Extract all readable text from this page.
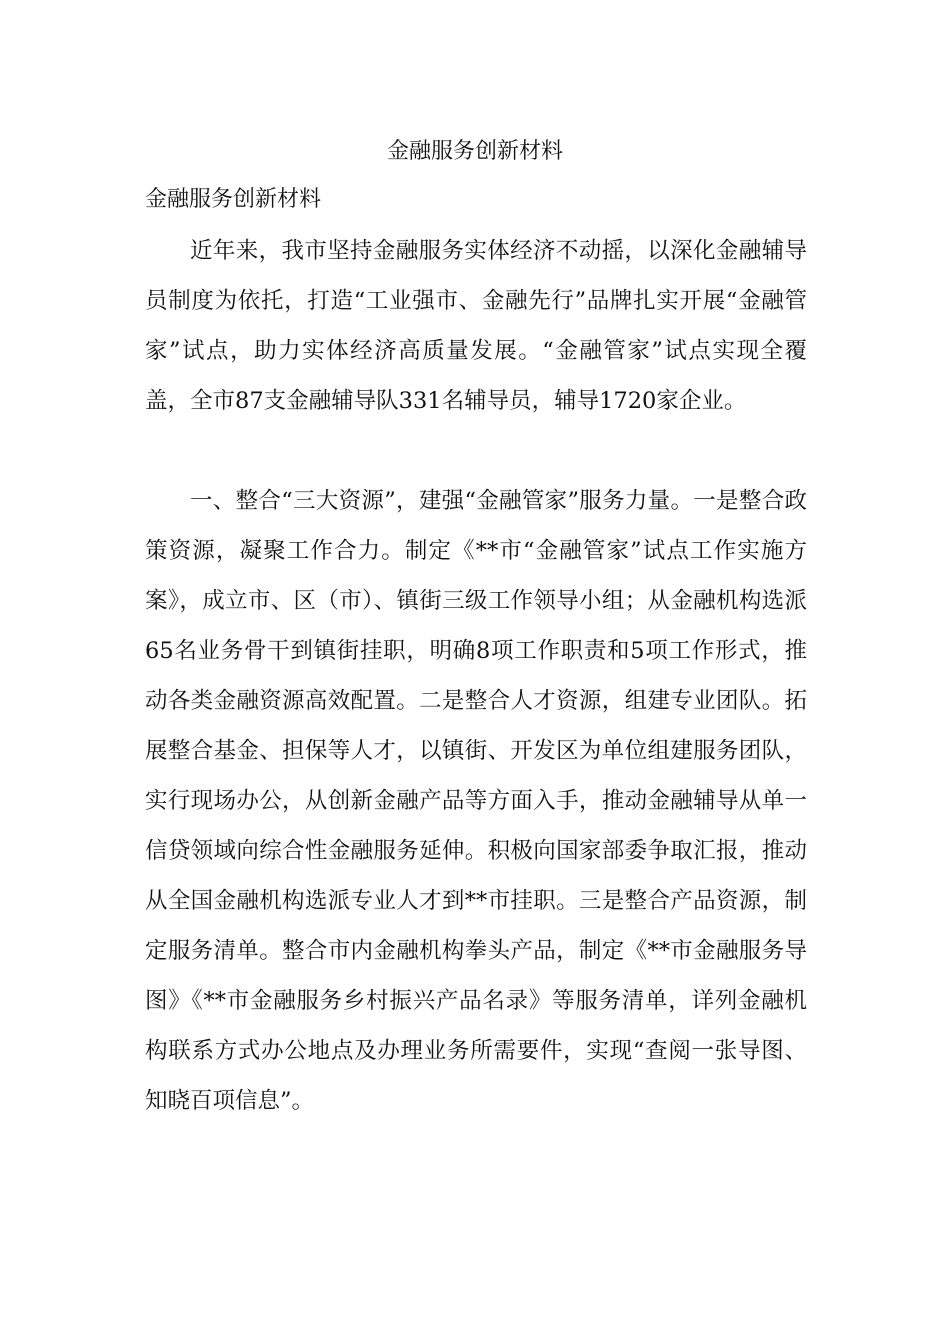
金融服务创新材料
金融服务创新材料

近年来，我市坚持金融服务实体经济不动摇，以深化金融辅导员制度为依托，打造“工业强市、金融先行”品牌扎实开展“金融管家”试点，助力实体经济高质量发展。“金融管家”试点实现全覆盖，全市87支金融辅导队331名辅导员，辅导1720家企业。

一、整合“三大资源”，建强“金融管家”服务力量。一是整合政策资源，凝聚工作合力。制定《**市“金融管家”试点工作实施方案》，成立市、区（市）、镇街三级工作领导小组；从金融机构选派65名业务骨干到镇街挂职，明确8项工作职责和5项工作形式，推动各类金融资源高效配置。二是整合人才资源，组建专业团队。拓展整合基金、担保等人才，以镇街、开发区为单位组建服务团队，实行现场办公，从创新金融产品等方面入手，推动金融辅导从单一信贷领域向综合性金融服务延伸。积极向国家部委争取汇报，推动从全国金融机构选派专业人才到**市挂职。三是整合产品资源，制定服务清单。整合市内金融机构拳头产品，制定《**市金融服务导图》《**市金融服务乡村振兴产品名录》等服务清单，详列金融机构联系方式办公地点及办理业务所需要件，实现“查阅一张导图、知晓百项信息”。
